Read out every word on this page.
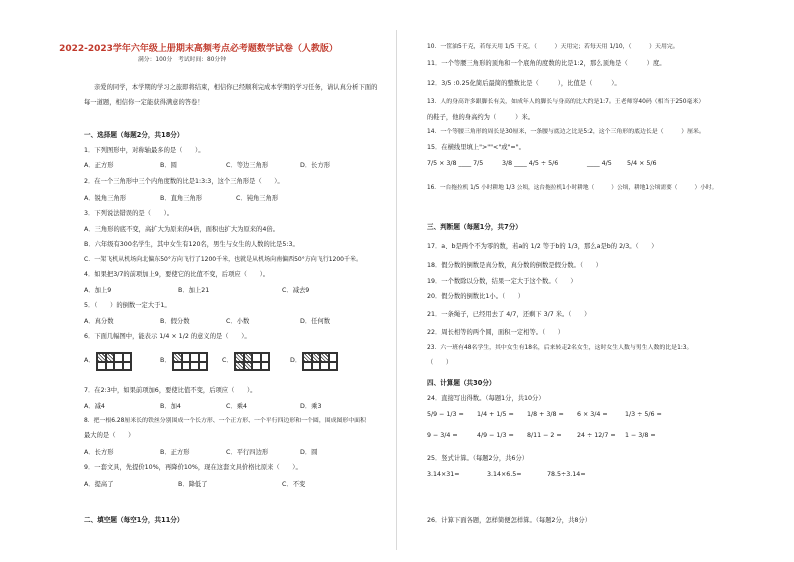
2022-2023学年六年级上册期末高频考点必考题数学试卷（人教版）
满分：100分　考试时间：80分钟
亲爱的同学，本学期的学习之旅即将结束，相信你已经顺利完成本学期的学习任务，请认真分析下面的
每一道题，相信你一定能获得满意的答卷！
一、选择题（每题2分，共18分）
1．下列图形中，对称轴最多的是（　　）。
A．正方形	B．圆	C．等边三角形	D．长方形
2．在一个三角形中三个内角度数的比是1:3:3，这个三角形是（　　）。
A．锐角三角形	B．直角三角形	C．钝角三角形
3．下列说法错误的是（　　）。
A．三角形的底不变，高扩大为原来的4倍，面积也扩大为原来的4倍。
B．六年级有300名学生，其中女生有120名，男生与女生的人数的比是5:3。
C．一架飞机从机场向北偏东50°方向飞行了1200千米，也就是从机场向南偏西50°方向飞行1200千米。
4．如果把3/7的前项加上9，要使它的比值不变，后项应（　　）。
A．加上9	B．加上21	C．减去9
5．（　　）的倒数一定大于1。
A．真分数	B．假分数	C．小数	D．任何数
6．下面几幅图中，能表示 1/4 × 1/2 的意义的是（　　）。
A．	B．	C．	D．
7．在2:3中，如果前项加6，要使比值不变，后项应（　　）。
A．减4	B．加4	C．乘4	D．乘3
8．把一根6.28厘米长的铁丝分别围成一个长方形、一个正方形、一个平行四边形和一个圆，围成图形中面积
最大的是（　　）
A．长方形	B．正方形	C．平行四边形	D．圆
9．一套文具，先提价10%，再降价10%，现在这套文具价格比原来（　　）。
A．提高了	B．降低了	C．不变
二、填空题（每空1分，共11分）
10．一筐油5千克，若每天用 1/5 千克，（　　　）天用完；若每天用 1/10，（　　　）天用完。
11．一个等腰三角形的顶角和一个底角的度数的比是1:2，那么顶角是（　　　）度。
12．3/5 :0.25化简后最简的整数比是（　　　），比值是（　　　）。
13．人的身高许多跟脚长有关，如成年人的脚长与身高的比大约是1:7。王老师穿40码（相当于250毫米）
的鞋子，他的身高约为（　　　）米。
14．一个等腰三角形的周长是30厘米，一条腰与底边之比是5:2，这个三角形的底边长是（　　　）厘米。
15．在横线里填上">""<"或"="。
7/5 × 3/8 ____ 7/5	3/8 ____ 4/5 ÷ 5/6	____ 4/5 5/4 × 5/6
16．一台拖拉机 1/5 小时耕地 1/3 公顷，这台拖拉机1小时耕地（　　　）公顷，耕地1公顷需要（　　　）小时。
三、判断题（每题1分，共7分）
17．a、b是两个不为零的数，若a的 1/2 等于b的 1/3，那么a是b的 2/3。（　　）
18．假分数的倒数是真分数，真分数的倒数是假分数。（　　）
19．一个数除以分数，结果一定大于这个数。（　　）
20．假分数的倒数比1小。（　　）
21．一条绳子，已经用去了 4/7，还剩下 3/7 米。（　　）
22．周长相等的两个圆，面积一定相等。（　　）
23．六一班有48名学生，其中女生有18名，后来转走2名女生，这时女生人数与男生人数的比是1:3。
（　　）
四、计算题（共30分）
24．直接写出得数。（每题1分，共10分）
5/9 − 1/3 = 1/4 + 1/5 = 1/8 + 3/8 = 6 × 3/4 =	1/3 ÷ 5/6 =
9 − 3/4 =	4/9 − 1/3 = 8/11 − 2 = 24 ÷ 12/7 = 1 − 3/8 =
25．竖式计算。（每题2分，共6分）
3.14×31=	3.14×6.5=	78.5÷3.14=
26．计算下面各题，怎样简便怎样算。（每题2分，共8分）
